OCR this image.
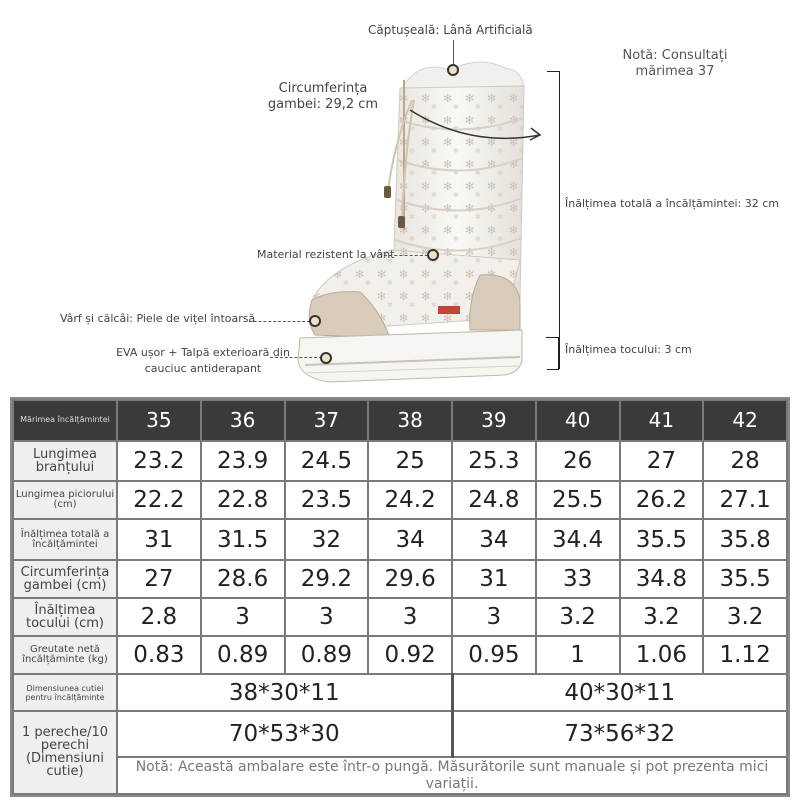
Căptușeală: Lână Artificială
Notă: Consultați mărimea 37
Circumferința gambei: 29,2 cm
Înălțimea totală a încălțămintei: 32 cm
Material rezistent la vânt
Vârf și călcâi: Piele de vițel întoarsă
Înălțimea tocului: 3 cm
EVA ușor + Talpă exterioară din cauciuc antiderapant
Mărimea încălțămintei	35	36	37	38	39	40	41	42
Lungimea branțului	23.2	23.9	24.5	25	25.3	26	27	28
Lungimea piciorului (cm)	22.2	22.8	23.5	24.2	24.8	25.5	26.2	27.1
Înălțimea totală a încălțămintei	31	31.5	32	34	34	34.4	35.5	35.8
Circumferința gambei (cm)	27	28.6	29.2	29.6	31	33	34.8	35.5
Înălțimea tocului (cm)	2.8	3	3	3	3	3.2	3.2	3.2
Greutate netă încălțăminte (kg)	0.83	0.89	0.89	0.92	0.95	1	1.06	1.12
Dimensiunea cutiei pentru încălțăminte	38*30*11				40*30*11			
1 pereche/10 perechi (Dimensiuni cutie)	70*53*30				73*56*32			
	Notă: Această ambalare este într-o pungă. Măsurătorile sunt manuale și pot prezenta mici variații.							
